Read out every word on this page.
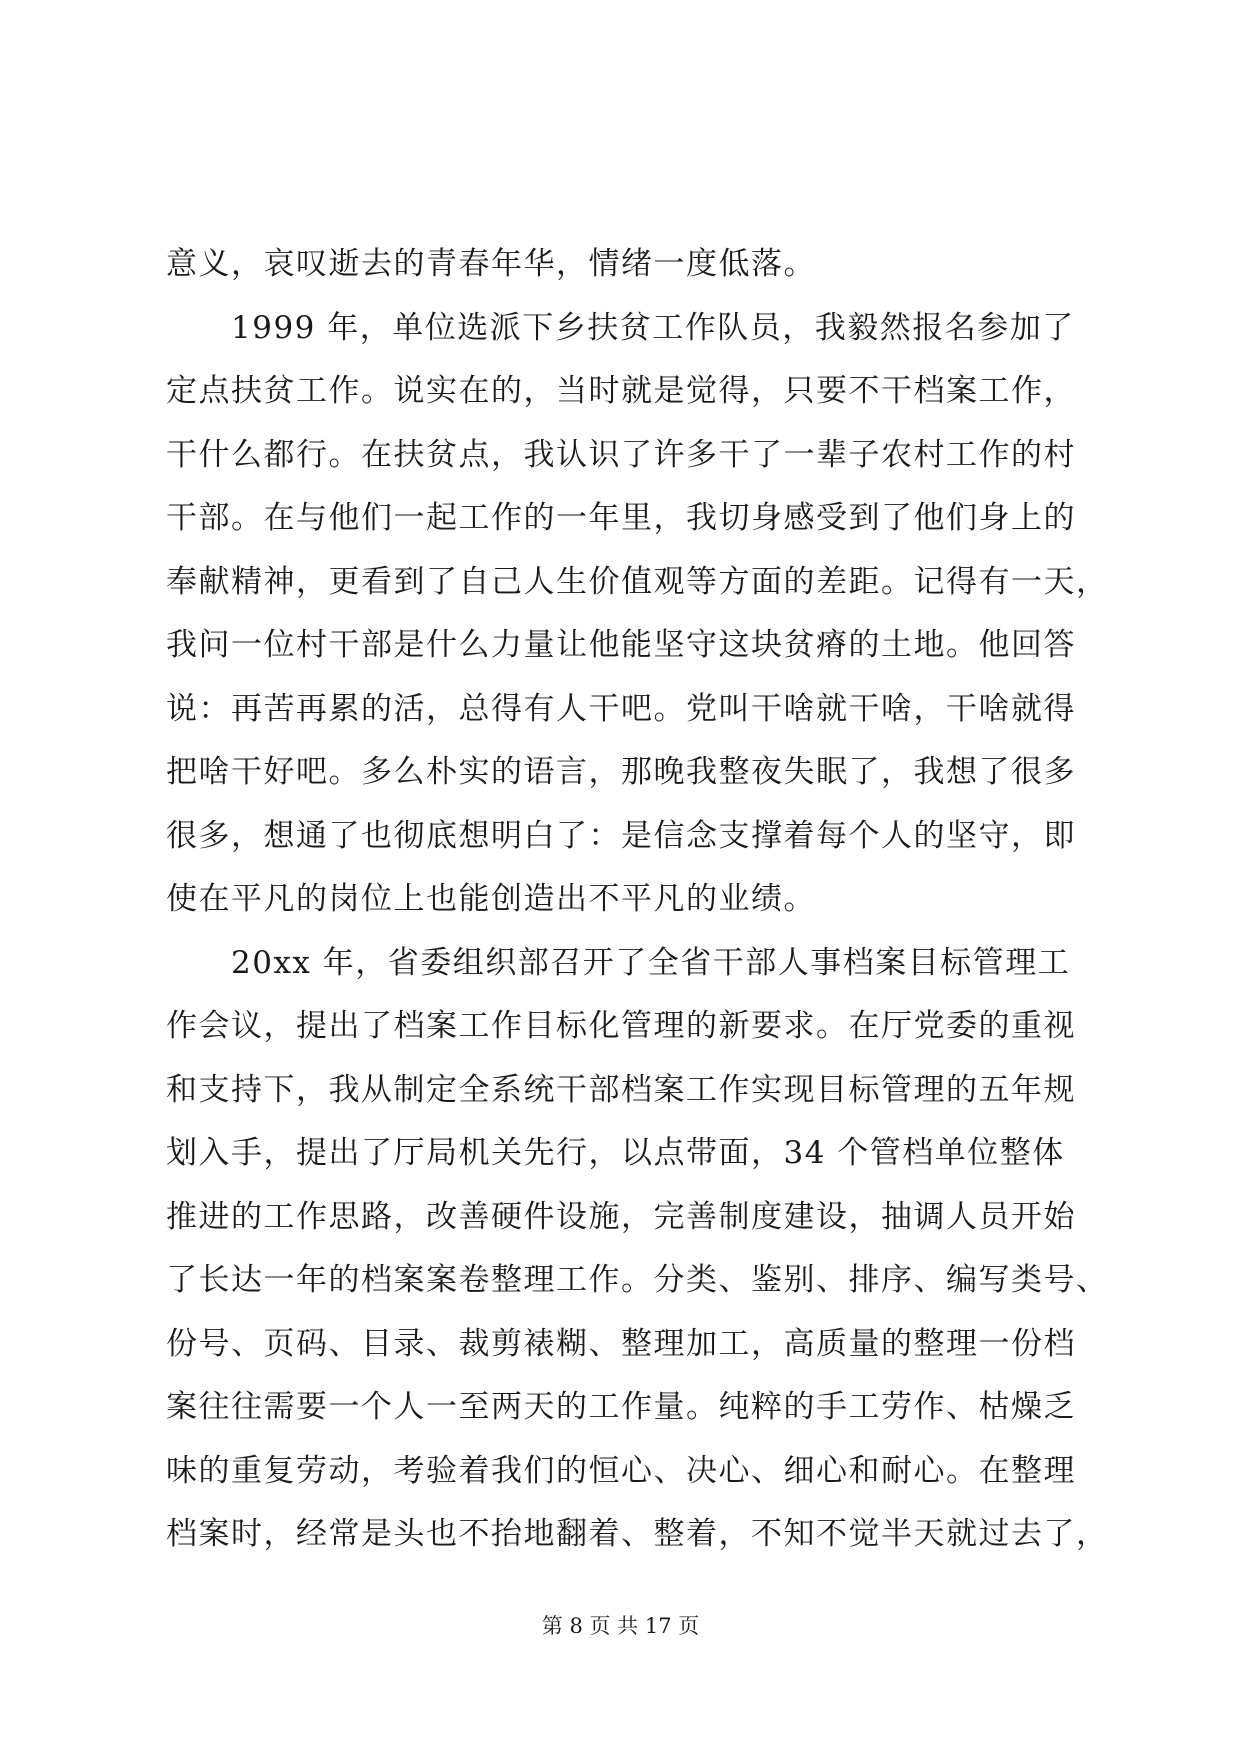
意义，哀叹逝去的青春年华，情绪一度低落。
　　1999 年，单位选派下乡扶贫工作队员，我毅然报名参加了
定点扶贫工作。说实在的，当时就是觉得，只要不干档案工作，
干什么都行。在扶贫点，我认识了许多干了一辈子农村工作的村
干部。在与他们一起工作的一年里，我切身感受到了他们身上的
奉献精神，更看到了自己人生价值观等方面的差距。记得有一天，
我问一位村干部是什么力量让他能坚守这块贫瘠的土地。他回答
说：再苦再累的活，总得有人干吧。党叫干啥就干啥，干啥就得
把啥干好吧。多么朴实的语言，那晚我整夜失眠了，我想了很多
很多，想通了也彻底想明白了：是信念支撑着每个人的坚守，即
使在平凡的岗位上也能创造出不平凡的业绩。
　　20xx 年，省委组织部召开了全省干部人事档案目标管理工
作会议，提出了档案工作目标化管理的新要求。在厅党委的重视
和支持下，我从制定全系统干部档案工作实现目标管理的五年规
划入手，提出了厅局机关先行，以点带面，34 个管档单位整体
推进的工作思路，改善硬件设施，完善制度建设，抽调人员开始
了长达一年的档案案卷整理工作。分类、鉴别、排序、编写类号、
份号、页码、目录、裁剪裱糊、整理加工，高质量的整理一份档
案往往需要一个人一至两天的工作量。纯粹的手工劳作、枯燥乏
味的重复劳动，考验着我们的恒心、决心、细心和耐心。在整理
档案时，经常是头也不抬地翻着、整着，不知不觉半天就过去了，
第 8 页 共 17 页
